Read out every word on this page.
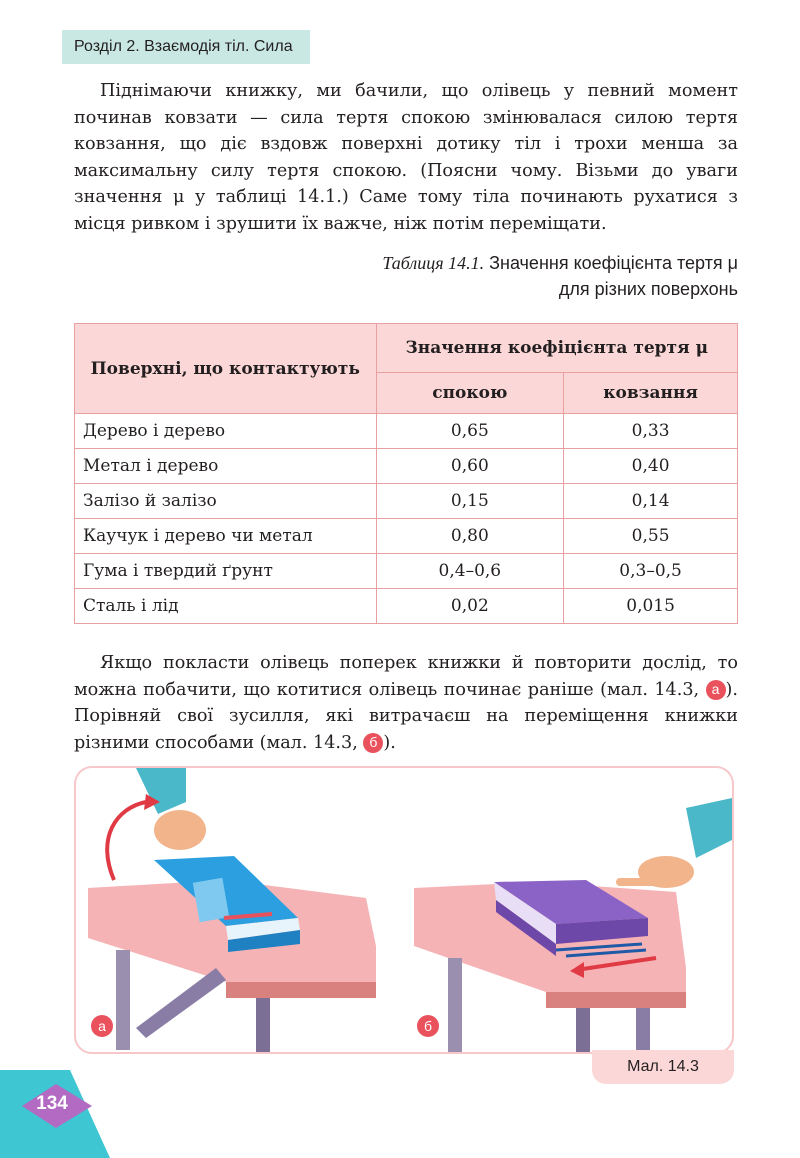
Розділ 2. Взаємодія тіл. Сила

Піднімаючи книжку, ми бачили, що олівець у певний момент починав ковзати — сила тертя спокою змінювалася силою тертя ковзання, що діє вздовж поверхні дотику тіл і трохи менша за максимальну силу тертя спокою. (Поясни чому. Візьми до уваги значення μ у таблиці 14.1.) Саме тому тіла починають рухатися з місця ривком і зрушити їх важче, ніж потім переміщати.

Таблиця 14.1. Значення коефіцієнта тертя μ
для різних поверхонь
Поверхні, що контактують	Значення коефіцієнта тертя μ	
	спокою	ковзання
Дерево і дерево	0,65	0,33
Метал і дерево	0,60	0,40
Залізо й залізо	0,15	0,14
Каучук і дерево чи метал	0,80	0,55
Гума і твердий ґрунт	0,4–0,6	0,3–0,5
Сталь і лід	0,02	0,015

Якщо покласти олівець поперек книжки й повторити дослід, то можна побачити, що котитися олівець починає раніше (мал. 14.3, а ). Порівняй свої зусилля, які витрачаєш на переміщення книжки різними способами (мал. 14.3, б ).

а	б
Мал. 14.3
134
